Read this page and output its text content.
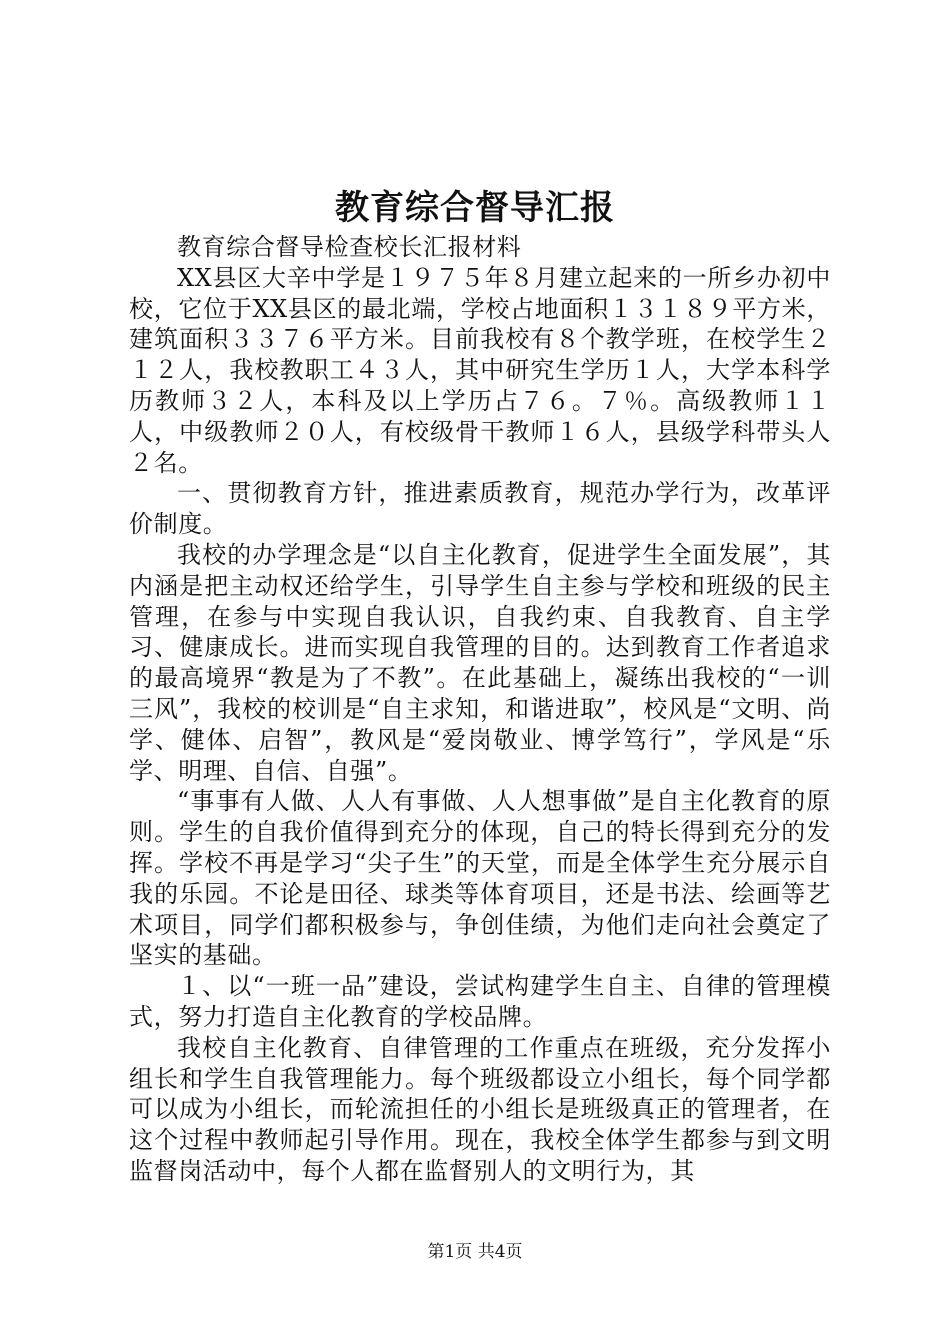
教育综合督导汇报

教育综合督导检查校长汇报材料

XX县区大辛中学是１９７５年８月建立起来的一所乡办初中校，它位于XX县区的最北端，学校占地面积１３１８９平方米，建筑面积３３７６平方米。目前我校有８个教学班，在校学生２１２人，我校教职工４３人，其中研究生学历１人，大学本科学历教师３２人，本科及以上学历占７６。７％。高级教师１１人，中级教师２０人，有校级骨干教师１６人，县级学科带头人２名。

一、贯彻教育方针，推进素质教育，规范办学行为，改革评价制度。

我校的办学理念是“以自主化教育，促进学生全面发展”，其内涵是把主动权还给学生，引导学生自主参与学校和班级的民主管理，在参与中实现自我认识，自我约束、自我教育、自主学习、健康成长。进而实现自我管理的目的。达到教育工作者追求的最高境界“教是为了不教”。在此基础上，凝练出我校的“一训三风”，我校的校训是“自主求知，和谐进取”，校风是“文明、尚学、健体、启智”，教风是“爱岗敬业、博学笃行”，学风是“乐学、明理、自信、自强”。

“事事有人做、人人有事做、人人想事做”是自主化教育的原则。学生的自我价值得到充分的体现，自己的特长得到充分的发挥。学校不再是学习“尖子生”的天堂，而是全体学生充分展示自我的乐园。不论是田径、球类等体育项目，还是书法、绘画等艺术项目，同学们都积极参与，争创佳绩，为他们走向社会奠定了坚实的基础。

１、以“一班一品”建设，尝试构建学生自主、自律的管理模式，努力打造自主化教育的学校品牌。

我校自主化教育、自律管理的工作重点在班级，充分发挥小组长和学生自我管理能力。每个班级都设立小组长，每个同学都可以成为小组长，而轮流担任的小组长是班级真正的管理者，在这个过程中教师起引导作用。现在，我校全体学生都参与到文明监督岗活动中，每个人都在监督别人的文明行为，其

第1页 共4页
